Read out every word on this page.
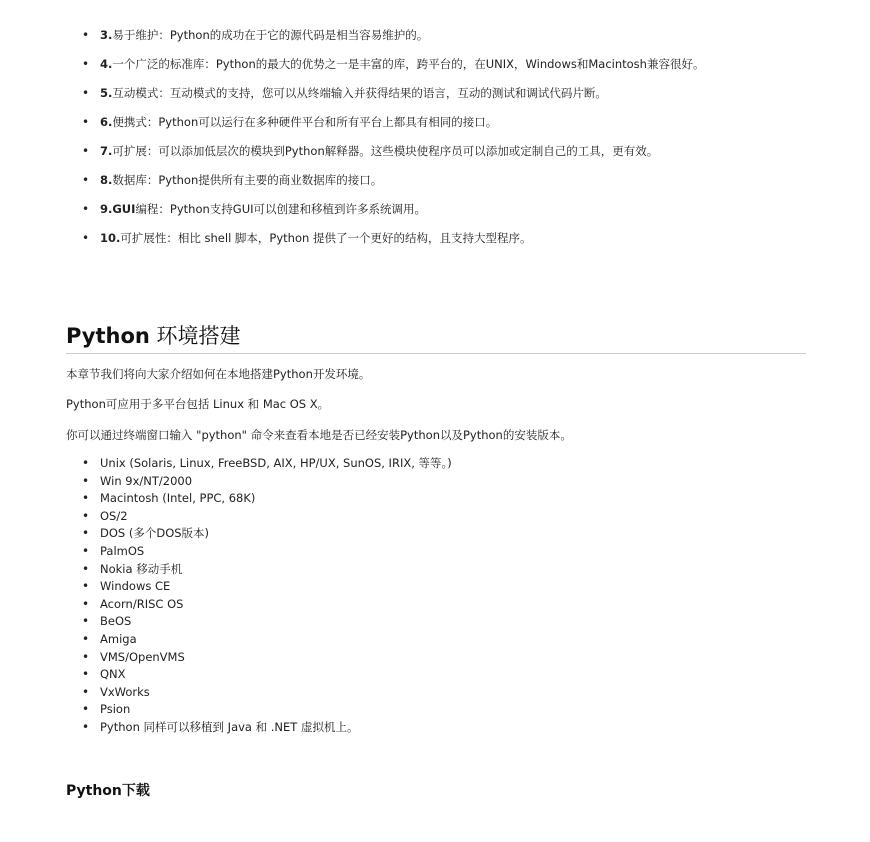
• 3.易于维护：Python的成功在于它的源代码是相当容易维护的。
• 4.一个广泛的标准库：Python的最大的优势之一是丰富的库，跨平台的，在UNIX，Windows和Macintosh兼容很好。
• 5.互动模式：互动模式的支持，您可以从终端输入并获得结果的语言，互动的测试和调试代码片断。
• 6.便携式：Python可以运行在多种硬件平台和所有平台上都具有相同的接口。
• 7.可扩展：可以添加低层次的模块到Python解释器。这些模块使程序员可以添加或定制自己的工具，更有效。
• 8.数据库：Python提供所有主要的商业数据库的接口。
• 9.GUI编程：Python支持GUI可以创建和移植到许多系统调用。
• 10.可扩展性：相比 shell 脚本，Python 提供了一个更好的结构，且支持大型程序。
Python 环境搭建

本章节我们将向大家介绍如何在本地搭建Python开发环境。

Python可应用于多平台包括 Linux 和 Mac OS X。

你可以通过终端窗口输入 "python" 命令来查看本地是否已经安装Python以及Python的安装版本。

• Unix (Solaris, Linux, FreeBSD, AIX, HP/UX, SunOS, IRIX, 等等。)
• Win 9x/NT/2000
• Macintosh (Intel, PPC, 68K)
• OS/2
• DOS (多个DOS版本)
• PalmOS
• Nokia 移动手机
• Windows CE
• Acorn/RISC OS
• BeOS
• Amiga
• VMS/OpenVMS
• QNX
• VxWorks
• Psion
• Python 同样可以移植到 Java 和 .NET 虚拟机上。
Python下载
